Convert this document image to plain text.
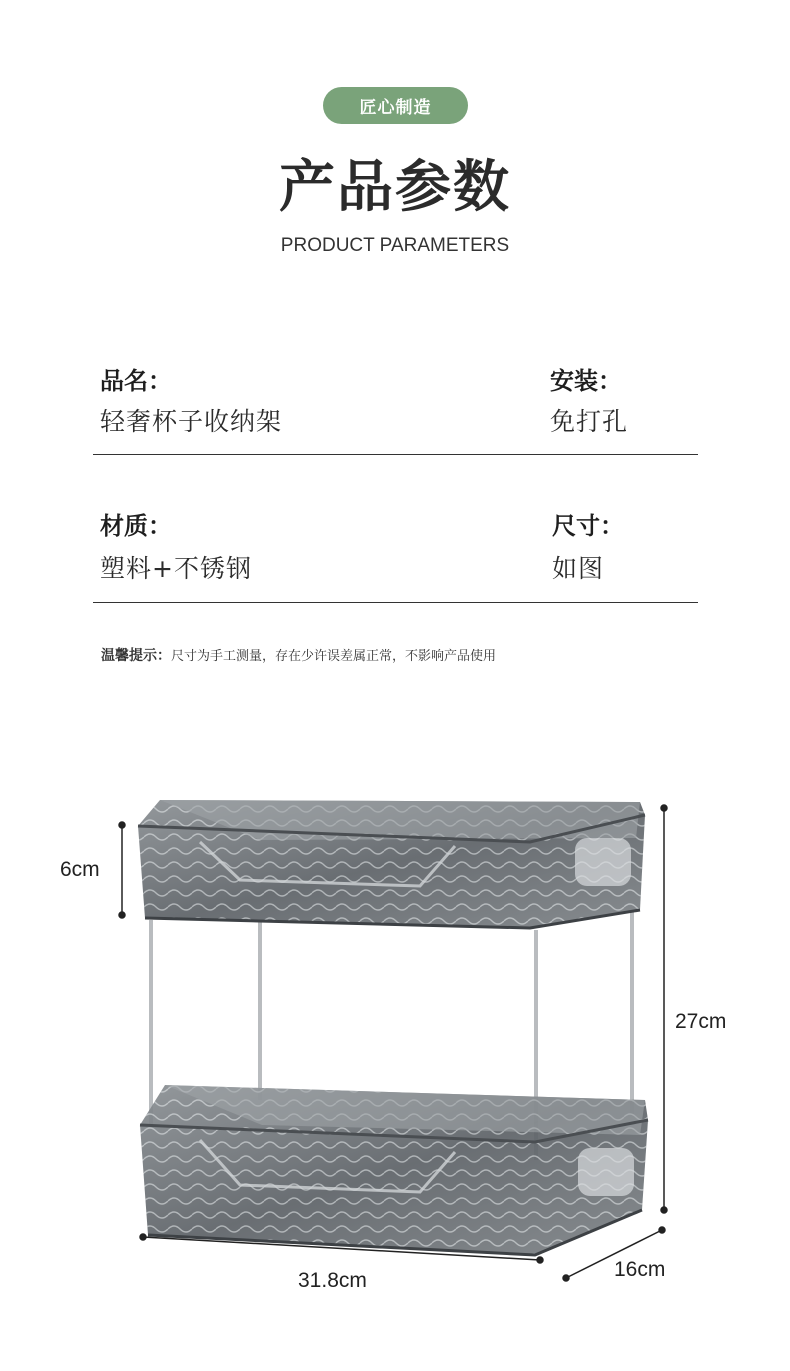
匠心制造
产品参数
PRODUCT PARAMETERS
品名：
轻奢杯子收纳架
安装：
免打孔
材质：
塑料+不锈钢
尺寸：
如图
温馨提示：尺寸为手工测量，存在少许误差属正常，不影响产品使用
6cm
27cm
31.8cm	16cm
